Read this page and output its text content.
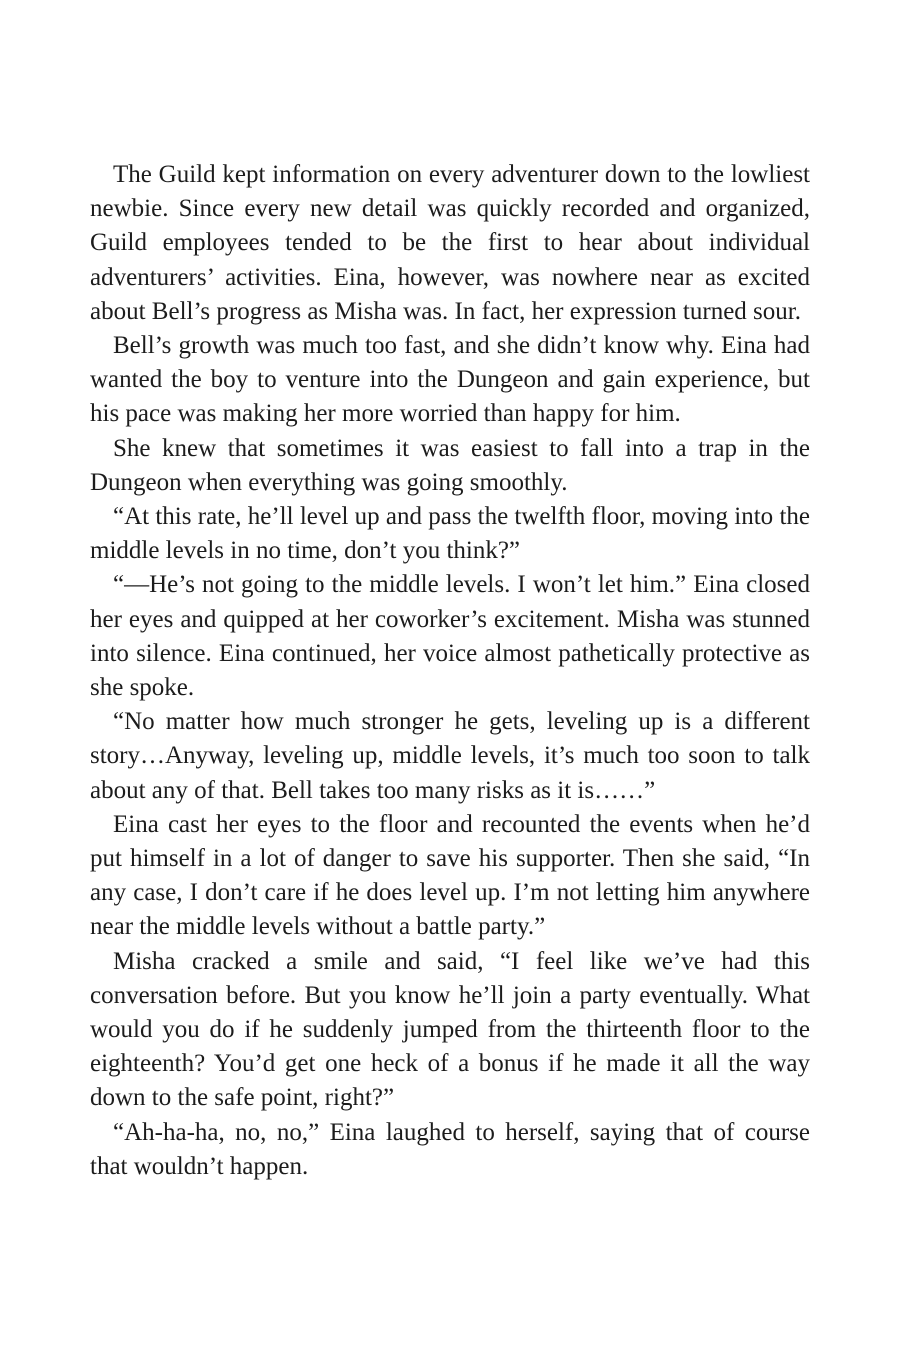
The Guild kept information on every adventurer down to the lowliest newbie. Since every new detail was quickly recorded and organized, Guild employees tended to be the first to hear about individual adventurers’ activities. Eina, however, was nowhere near as excited about Bell’s progress as Misha was. In fact, her expression turned sour.

Bell’s growth was much too fast, and she didn’t know why. Eina had wanted the boy to venture into the Dungeon and gain experience, but his pace was making her more worried than happy for him.

She knew that sometimes it was easiest to fall into a trap in the Dungeon when everything was going smoothly.

“At this rate, he’ll level up and pass the twelfth floor, moving into the middle levels in no time, don’t you think?”

“—He’s not going to the middle levels. I won’t let him.” Eina closed her eyes and quipped at her coworker’s excitement. Misha was stunned into silence. Eina continued, her voice almost pathetically protective as she spoke.

“No matter how much stronger he gets, leveling up is a different story…Anyway, leveling up, middle levels, it’s much too soon to talk about any of that. Bell takes too many risks as it is……”

Eina cast her eyes to the floor and recounted the events when he’d put himself in a lot of danger to save his supporter. Then she said, “In any case, I don’t care if he does level up. I’m not letting him anywhere near the middle levels without a battle party.”

Misha cracked a smile and said, “I feel like we’ve had this conversation before. But you know he’ll join a party eventually. What would you do if he suddenly jumped from the thirteenth floor to the eighteenth? You’d get one heck of a bonus if he made it all the way down to the safe point, right?”

“Ah-ha-ha, no, no,” Eina laughed to herself, saying that of course that wouldn’t happen.
